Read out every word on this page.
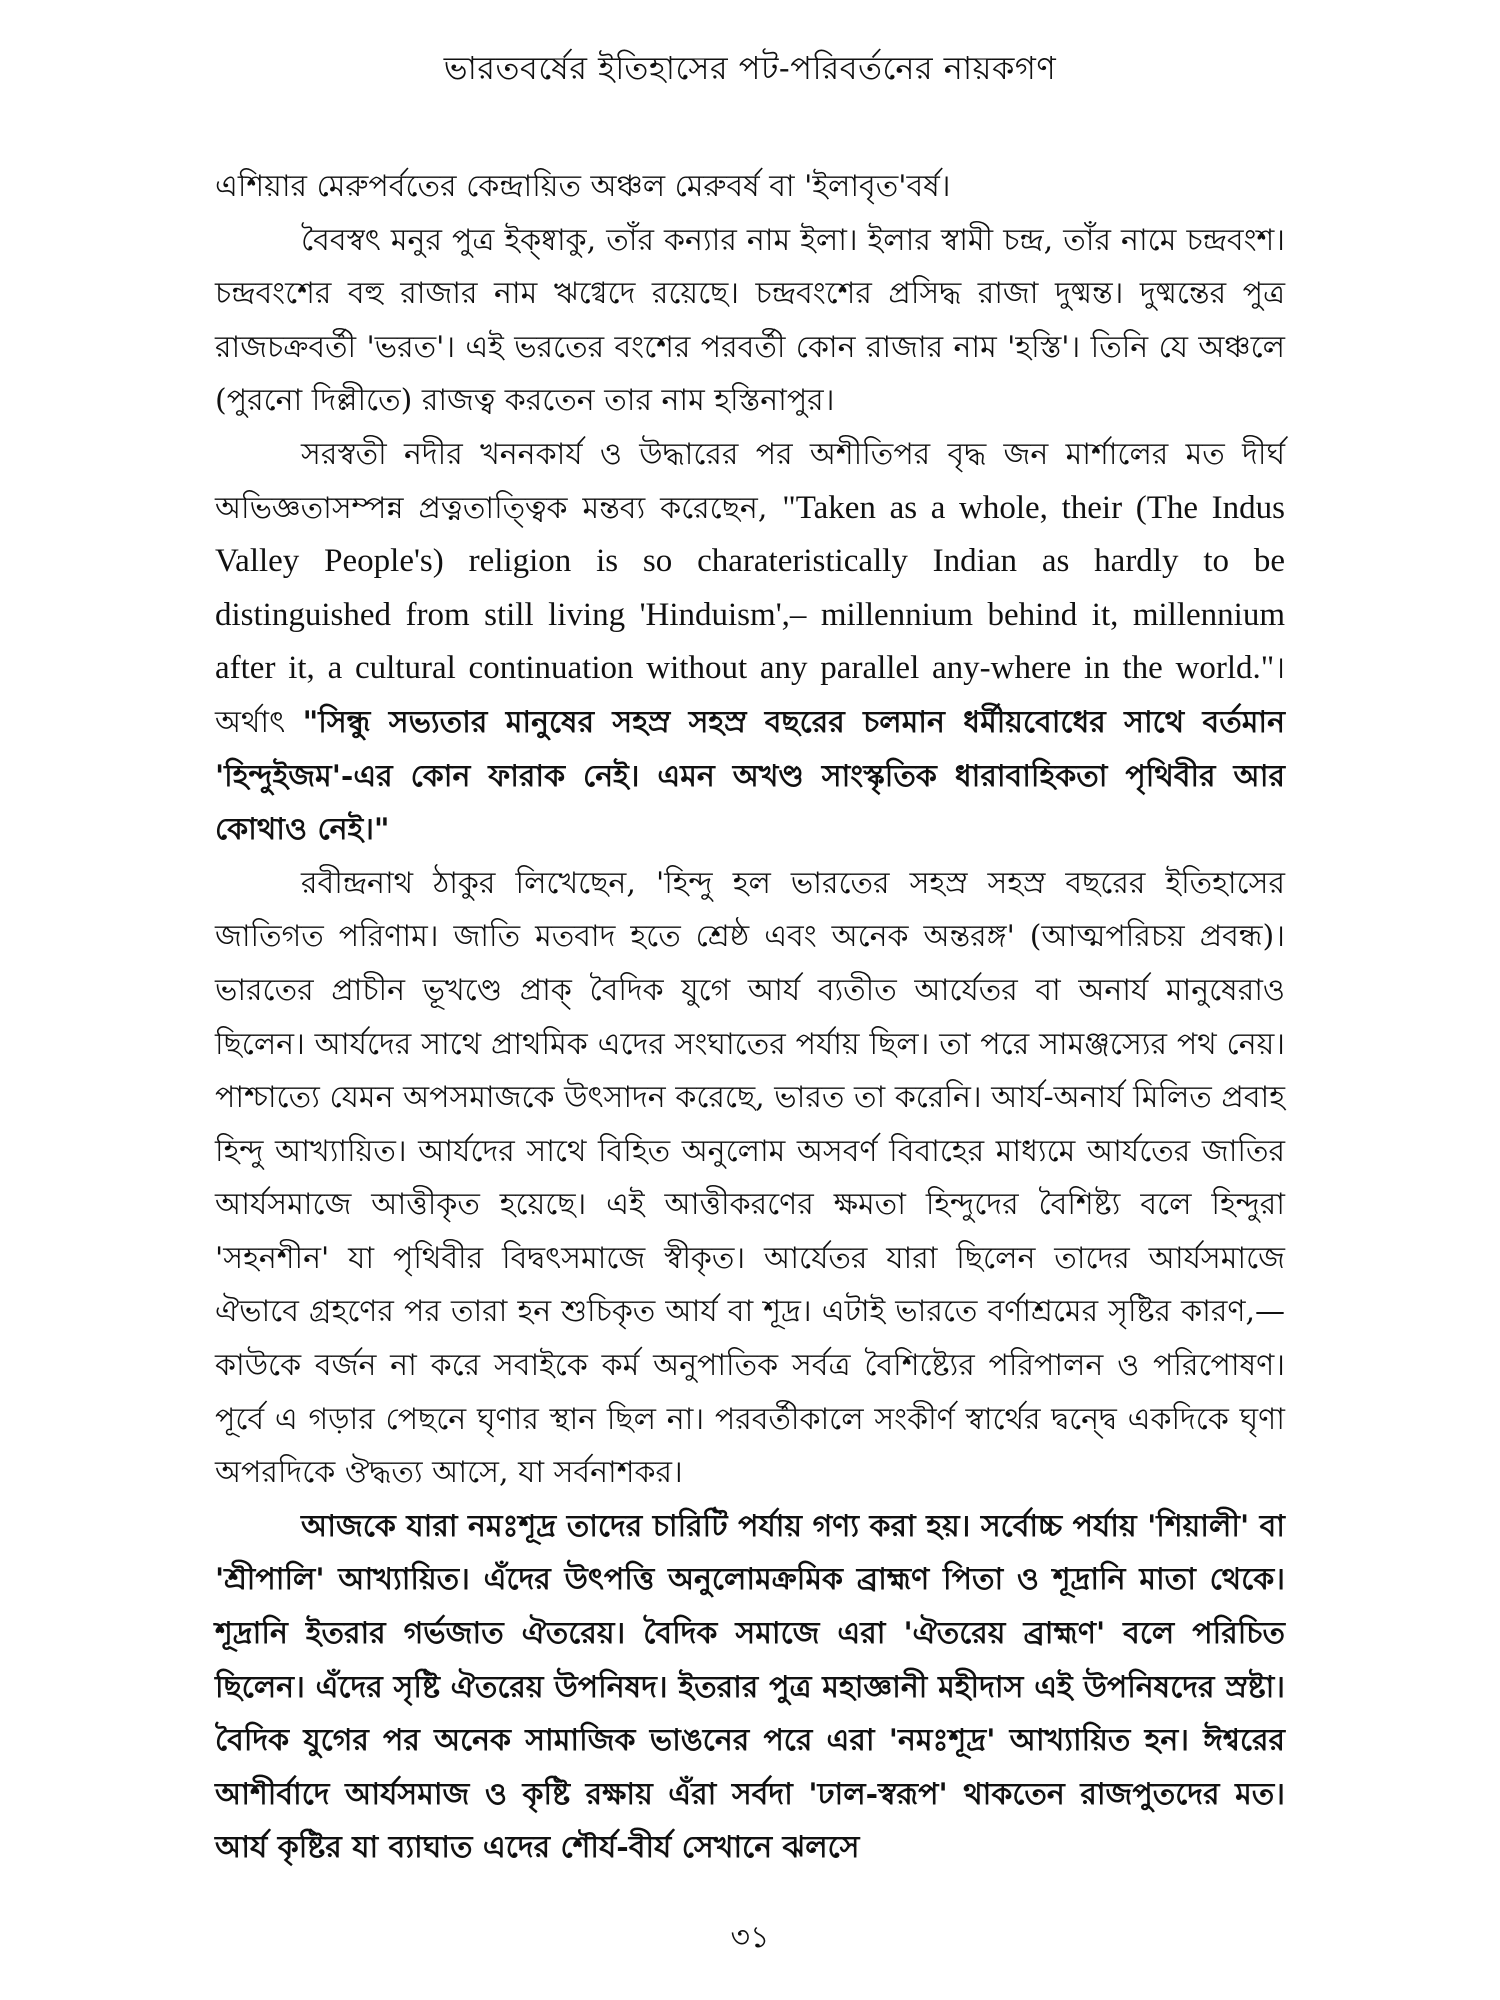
ভারতবর্ষের ইতিহাসের পট-পরিবর্তনের নায়কগণ

এশিয়ার মেরুপর্বতের কেন্দ্রায়িত অঞ্চল মেরুবর্ষ বা 'ইলাবৃত'বর্ষ।

বৈবস্বৎ মনুর পুত্র ইক্ষ্বাকু, তাঁর কন্যার নাম ইলা। ইলার স্বামী চন্দ্র, তাঁর নামে চন্দ্রবংশ। চন্দ্রবংশের বহু রাজার নাম ঋগ্বেদে রয়েছে। চন্দ্রবংশের প্রসিদ্ধ রাজা দুষ্মন্ত। দুষ্মন্তের পুত্র রাজচক্রবর্তী 'ভরত'। এই ভরতের বংশের পরবর্তী কোন রাজার নাম 'হস্তি'। তিনি যে অঞ্চলে (পুরনো দিল্লীতে) রাজত্ব করতেন তার নাম হস্তিনাপুর।

সরস্বতী নদীর খননকার্য ও উদ্ধারের পর অশীতিপর বৃদ্ধ জন মার্শালের মত দীর্ঘ অভিজ্ঞতাসম্পন্ন প্রত্নতাত্ত্বিক মন্তব্য করেছেন, "Taken as a whole, their (The Indus Valley People's) religion is so charateristically Indian as hardly to be distinguished from still living 'Hinduism',– millennium behind it, millennium after it, a cultural continuation without any parallel any-where in the world."। অর্থাৎ "সিন্ধু সভ্যতার মানুষের সহস্র সহস্র বছরের চলমান ধর্মীয়বোধের সাথে বর্তমান 'হিন্দুইজম'-এর কোন ফারাক নেই। এমন অখণ্ড সাংস্কৃতিক ধারাবাহিকতা পৃথিবীর আর কোথাও নেই।"

রবীন্দ্রনাথ ঠাকুর লিখেছেন, 'হিন্দু হল ভারতের সহস্র সহস্র বছরের ইতিহাসের জাতিগত পরিণাম। জাতি মতবাদ হতে শ্রেষ্ঠ এবং অনেক অন্তরঙ্গ' (আত্মপরিচয় প্রবন্ধ)। ভারতের প্রাচীন ভূখণ্ডে প্রাক্‌ বৈদিক যুগে আর্য ব্যতীত আর্যেতর বা অনার্য মানুষেরাও ছিলেন। আর্যদের সাথে প্রাথমিক এদের সংঘাতের পর্যায় ছিল। তা পরে সামঞ্জস্যের পথ নেয়। পাশ্চাত্যে যেমন অপসমাজকে উৎসাদন করেছে, ভারত তা করেনি। আর্য-অনার্য মিলিত প্রবাহ হিন্দু আখ্যায়িত। আর্যদের সাথে বিহিত অনুলোম অসবর্ণ বিবাহের মাধ্যমে আর্যতের জাতির আর্যসমাজে আত্তীকৃত হয়েছে। এই আত্তীকরণের ক্ষমতা হিন্দুদের বৈশিষ্ট্য বলে হিন্দুরা 'সহনশীন' যা পৃথিবীর বিদ্বৎসমাজে স্বীকৃত। আর্যেতর যারা ছিলেন তাদের আর্যসমাজে ঐভাবে গ্রহণের পর তারা হন শুচিকৃত আর্য বা শূদ্র। এটাই ভারতে বর্ণাশ্রমের সৃষ্টির কারণ,— কাউকে বর্জন না করে সবাইকে কর্ম অনুপাতিক সর্বত্র বৈশিষ্ট্যের পরিপালন ও পরিপোষণ। পূর্বে এ গড়ার পেছনে ঘৃণার স্থান ছিল না। পরবর্তীকালে সংকীর্ণ স্বার্থের দ্বন্দ্বে একদিকে ঘৃণা অপরদিকে ঔদ্ধত্য আসে, যা সর্বনাশকর।

আজকে যারা নমঃশূদ্র তাদের চারিটি পর্যায় গণ্য করা হয়। সর্বোচ্চ পর্যায় 'শিয়ালী' বা 'শ্রীপালি' আখ্যায়িত। এঁদের উৎপত্তি অনুলোমক্রমিক ব্রাহ্মণ পিতা ও শূদ্রানি মাতা থেকে। শূদ্রানি ইতরার গর্ভজাত ঐতরেয়। বৈদিক সমাজে এরা 'ঐতরেয় ব্রাহ্মণ' বলে পরিচিত ছিলেন। এঁদের সৃষ্টি ঐতরেয় উপনিষদ। ইতরার পুত্র মহাজ্ঞানী মহীদাস এই উপনিষদের স্রষ্টা। বৈদিক যুগের পর অনেক সামাজিক ভাঙনের পরে এরা 'নমঃশূদ্র' আখ্যায়িত হন। ঈশ্বরের আশীর্বাদে আর্যসমাজ ও কৃষ্টি রক্ষায় এঁরা সর্বদা 'ঢাল-স্বরূপ' থাকতেন রাজপুতদের মত। আর্য কৃষ্টির যা ব্যাঘাত এদের শৌর্য-বীর্য সেখানে ঝলসে

৩১
